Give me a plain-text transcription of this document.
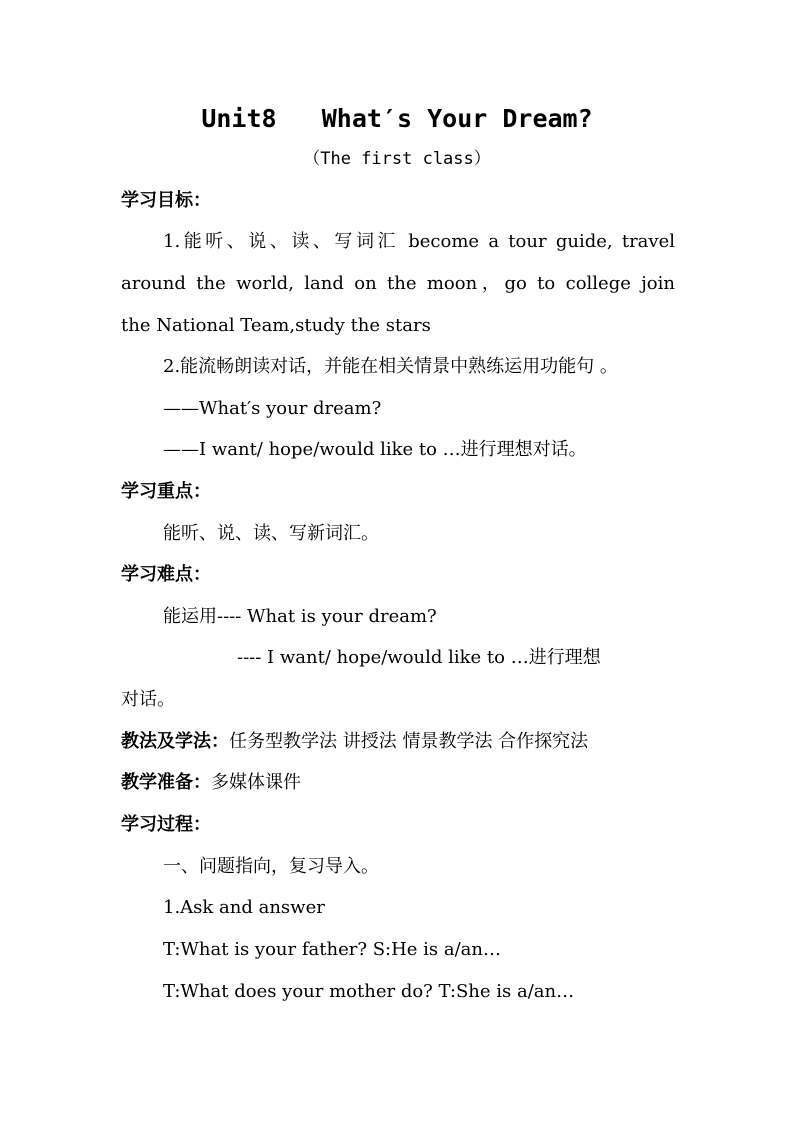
Unit8   What′s Your Dream?
（The first class）
学习目标：
1.能听、说、读、写词汇 become a tour guide, travel
around the world, land on the moon，go to college join
the National Team,study the stars
2.能流畅朗读对话，并能在相关情景中熟练运用功能句 。
——What′s your dream?
——I want/ hope/would like to …进行理想对话。
学习重点：
能听、说、读、写新词汇。
学习难点：
能运用---- What is your dream?
---- I want/ hope/would like to …进行理想
对话。
教法及学法：任务型教学法 讲授法 情景教学法 合作探究法
教学准备：多媒体课件
学习过程：
一、问题指向，复习导入。
1.Ask and answer
T:What is your father? S:He is a/an…
T:What does your mother do? T:She is a/an…
